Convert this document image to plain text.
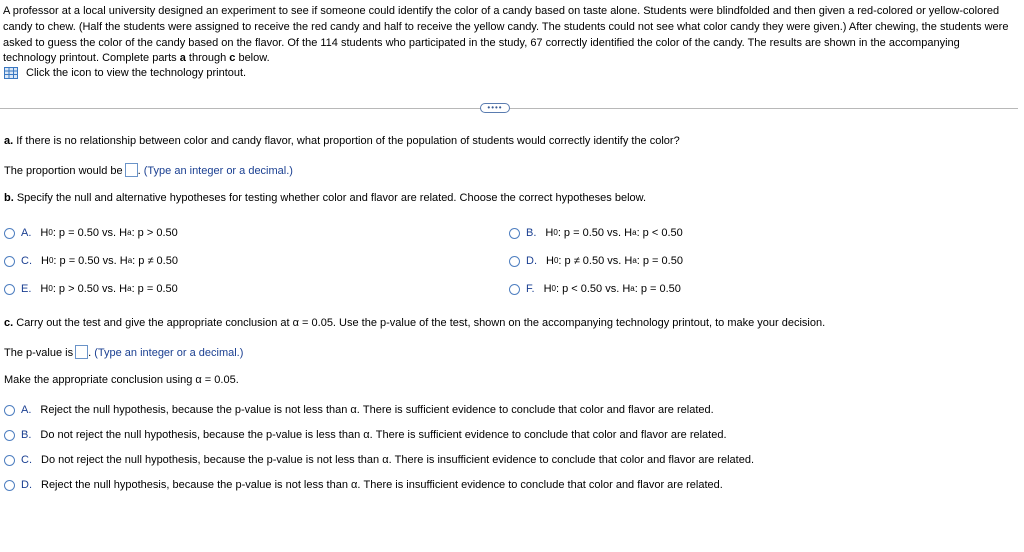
A professor at a local university designed an experiment to see if someone could identify the color of a candy based on taste alone. Students were blindfolded and then given a red-colored or yellow-colored candy to chew. (Half the students were assigned to receive the red candy and half to receive the yellow candy. The students could not see what color candy they were given.) After chewing, the students were asked to guess the color of the candy based on the flavor. Of the 114 students who participated in the study, 67 correctly identified the color of the candy. The results are shown in the accompanying technology printout. Complete parts a through c below.
Click the icon to view the technology printout.
••••
a. If there is no relationship between color and candy flavor, what proportion of the population of students would correctly identify the color?
The proportion would be . (Type an integer or a decimal.)
b. Specify the null and alternative hypotheses for testing whether color and flavor are related. Choose the correct hypotheses below.
A. H 0 : p = 0.50 vs. H a : p > 0.50	B. H 0 : p = 0.50 vs. H a : p < 0.50
C. H 0 : p = 0.50 vs. H a : p ≠ 0.50	D. H 0 : p ≠ 0.50 vs. H a : p = 0.50
E. H 0 : p > 0.50 vs. H a : p = 0.50	F. H 0 : p < 0.50 vs. H a : p = 0.50
c. Carry out the test and give the appropriate conclusion at α = 0.05. Use the p-value of the test, shown on the accompanying technology printout, to make your decision.
The p-value is . (Type an integer or a decimal.)
Make the appropriate conclusion using α = 0.05.
A. Reject the null hypothesis, because the p-value is not less than α. There is sufficient evidence to conclude that color and flavor are related.
B. Do not reject the null hypothesis, because the p-value is less than α. There is sufficient evidence to conclude that color and flavor are related.
C. Do not reject the null hypothesis, because the p-value is not less than α. There is insufficient evidence to conclude that color and flavor are related.
D. Reject the null hypothesis, because the p-value is not less than α. There is insufficient evidence to conclude that color and flavor are related.
